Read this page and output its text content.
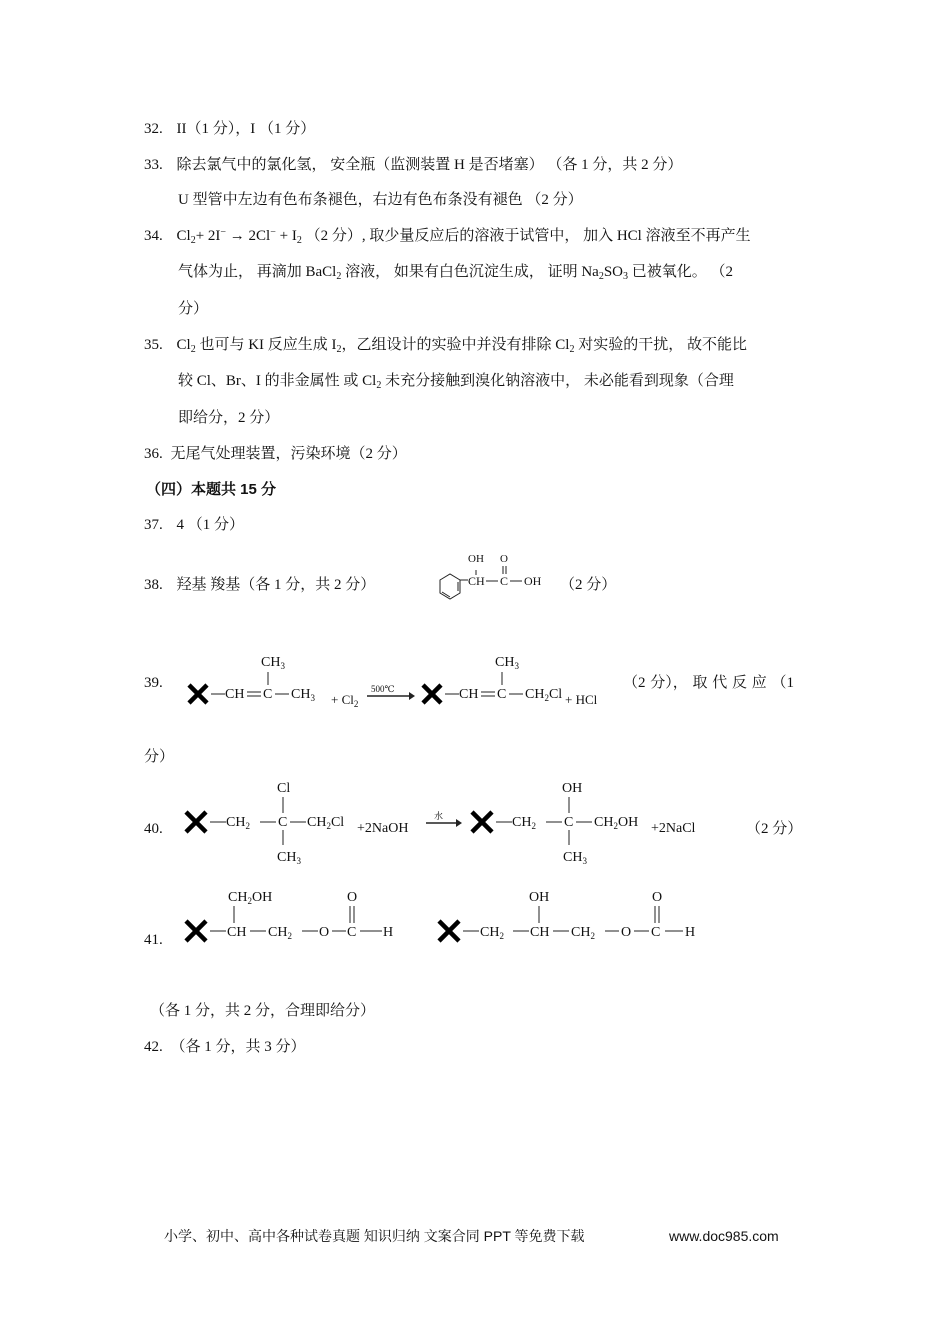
32. II（1 分），I （1 分）
33. 除去氯气中的氯化氢， 安全瓶（监测装置 H 是否堵塞） （各 1 分，共 2 分）
U 型管中左边有色布条褪色，右边有色布条没有褪色 （2 分）
34. $Cl_2+ 2I^- \to 2Cl^- + I_2$ （2 分）, 取少量反应后的溶液于试管中， 加入 HCl 溶液至不再产生
气体为止， 再滴加 BaCl$_2$ 溶液， 如果有白色沉淀生成， 证明 $Na_2SO_3$ 已被氧化。 （2
分）
35. $Cl_2$ 也可与 KI 反应生成 $I_2$，乙组设计的实验中并没有排除 $Cl_2$ 对实验的干扰， 故不能比
较 Cl、Br、I 的非金属性 或 $Cl_2$ 未充分接触到溴化钠溶液中， 未必能看到现象（合理
即给分，2 分）
36. 无尾气处理装置，污染环境（2 分）
（四）本题共 15 分
37. 4 （1 分）
38. 羟基 羧基（各 1 分，共 2 分）	CH
OH
C
O
OH （2 分）
39.
CH C
$CH_3$
$CH_3 + Cl_2$
500℃	CH C
$CH_3$
$CH_2Cl$ + HCl
（2 分）， 取 代 反 应 （1
分）
40.	$CH_2$ C
Cl
$CH_3$
$CH_2Cl$ +2NaOH
水	$CH_2$ C
OH
$CH_3$
$CH_2OH$ +2NaCl	（2 分）
41.	CH
$CH_2OH$
$CH_2$ O C
O
H	$CH_2$ CH
OH
$CH_2$ O C
O
H
（各 1 分，共 2 分，合理即给分）
42. （各 1 分，共 3 分）
小学、初中、高中各种试卷真题 知识归纳 文案合同 PPT 等免费下载	www.doc985.com
